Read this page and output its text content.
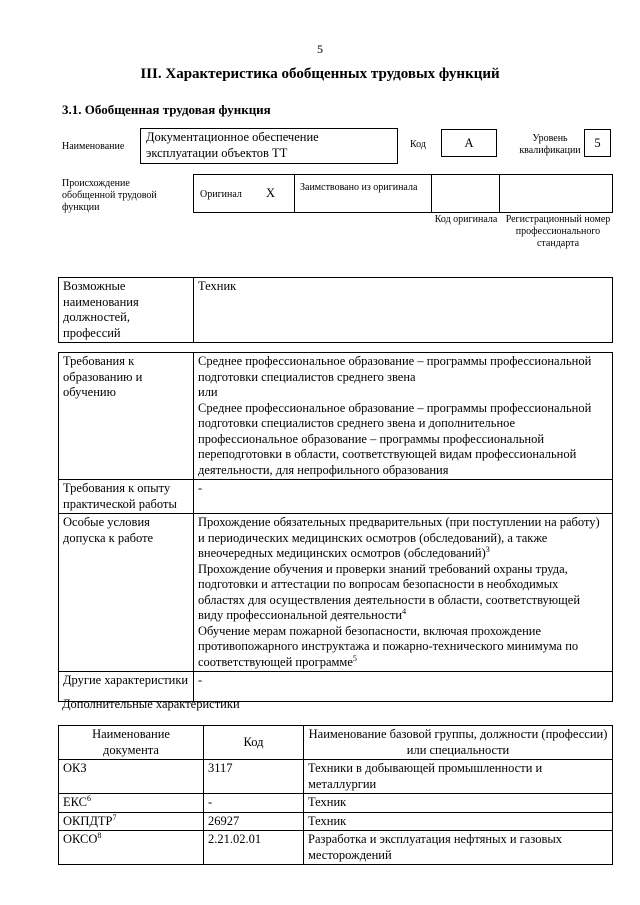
5
III. Характеристика обобщенных трудовых функций
3.1. Обобщенная трудовая функция
Наименование
Документационное обеспечение эксплуатации объектов ТТ
Код	А	Уровень квалификации
5
Происхождение обобщенной трудовой функции
Оригинал Х Заимствовано из оригинала
Код оригинала Регистрационный номер профессионального стандарта
Возможные наименования должностей, профессий	Техник
Требования к образованию и обучению	Среднее профессиональное образование – программы профессиональной подготовки специалистов среднего звена
или
Среднее профессиональное образование – программы профессиональной подготовки специалистов среднего звена и дополнительное профессиональное образование – программы профессиональной переподготовки в области, соответствующей видам профессиональной деятельности, для непрофильного образования

Требования к опыту практической работы	-
Особые условия допуска к работе	Прохождение обязательных предварительных (при поступлении на работу) и периодических медицинских осмотров (обследований), а также внеочередных медицинских осмотров (обследований)$^3$
Прохождение обучения и проверки знаний требований охраны труда, подготовки и аттестации по вопросам безопасности в необходимых областях для осуществления деятельности в области, соответствующей виду профессиональной деятельности$^4$
Обучение мерам пожарной безопасности, включая прохождение противопожарного инструктажа и пожарно-технического минимума по соответствующей программе$^5$

Другие характеристики	-
Дополнительные характеристики
Наименование документа	Код	Наименование базовой группы, должности (профессии) или специальности
ОКЗ	3117	Техники в добывающей промышленности и металлургии
ЕКС$^6$	-	Техник
ОКПДТР$^7$	26927	Техник
ОКСО$^8$	2.21.02.01	Разработка и эксплуатация нефтяных и газовых месторождений
